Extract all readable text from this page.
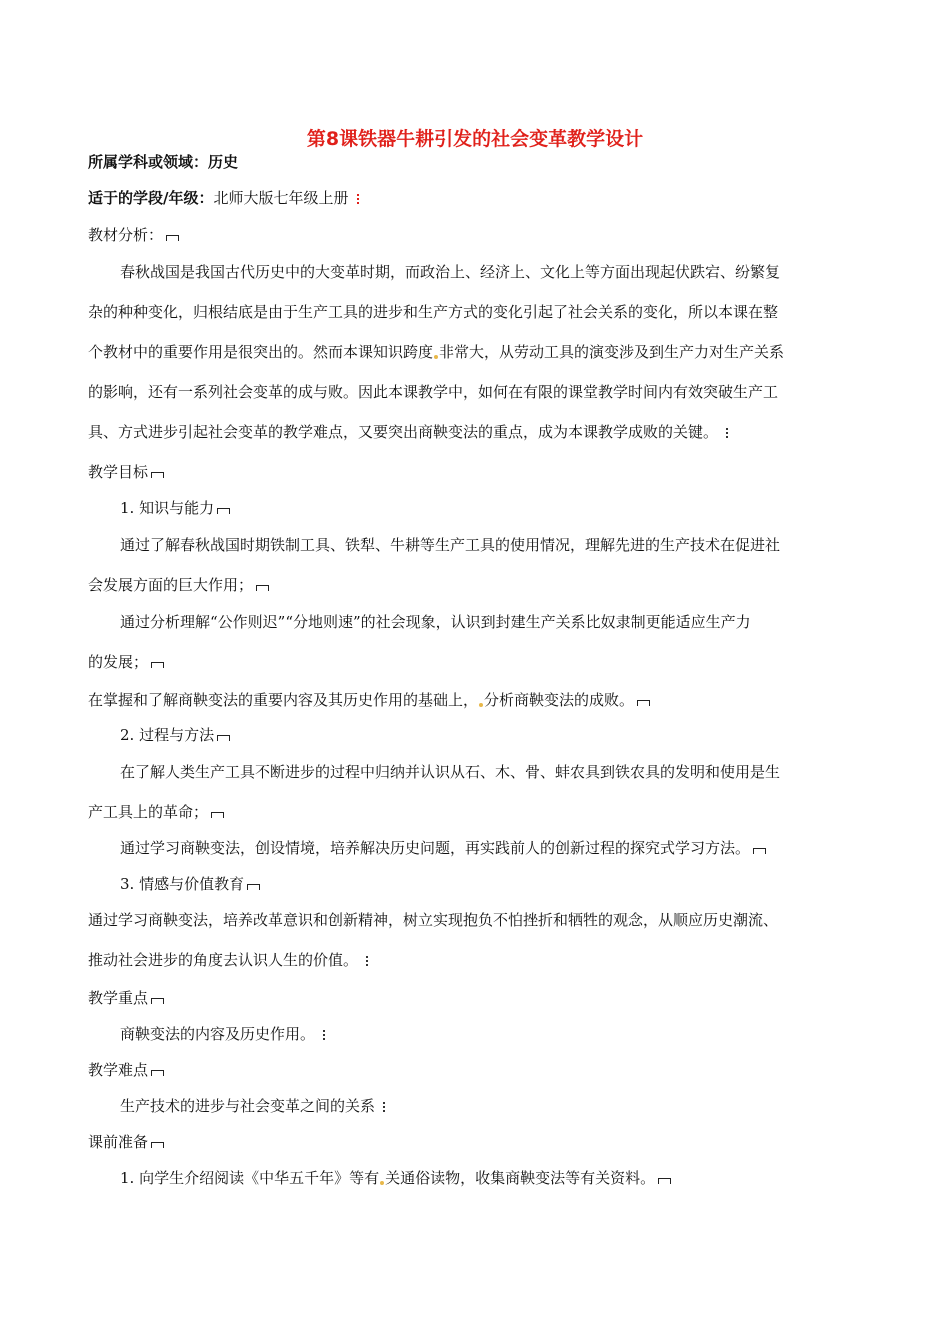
第8课铁器牛耕引发的社会变革教学设计
所属学科或领域：历史
适于的学段/年级：北师大版七年级上册
教材分析：
春秋战国是我国古代历史中的大变革时期，而政治上、经济上、文化上等方面出现起伏跌宕、纷繁复
杂的种种变化，归根结底是由于生产工具的进步和生产方式的变化引起了社会关系的变化，所以本课在整
个教材中的重要作用是很突出的。然而本课知识跨度 非常大，从劳动工具的演变涉及到生产力对生产关系
的影响，还有一系列社会变革的成与败。因此本课教学中，如何在有限的课堂教学时间内有效突破生产工
具、方式进步引起社会变革的教学难点，又要突出商鞅变法的重点，成为本课教学成败的关键。
教学目标
1. 知识与能力
通过了解春秋战国时期铁制工具、铁犁、牛耕等生产工具的使用情况，理解先进的生产技术在促进社
会发展方面的巨大作用；
通过分析理解“公作则迟”“分地则速”的社会现象，认识到封建生产关系比奴隶制更能适应生产力
的发展；
在掌握和了解商鞅变法的重要内容及其历史作用的基础上， 分析商鞅变法的成败。
2. 过程与方法
在了解人类生产工具不断进步的过程中归纳并认识从石、木、骨、蚌农具到铁农具的发明和使用是生
产工具上的革命；
通过学习商鞅变法，创设情境，培养解决历史问题，再实践前人的创新过程的探究式学习方法。
3. 情感与价值教育
通过学习商鞅变法，培养改革意识和创新精神，树立实现抱负不怕挫折和牺牲的观念，从顺应历史潮流、
推动社会进步的角度去认识人生的价值。
教学重点
商鞅变法的内容及历史作用。
教学难点
生产技术的进步与社会变革之间的关系
课前准备
1. 向学生介绍阅读《中华五千年》等有 关通俗读物，收集商鞅变法等有关资料。
